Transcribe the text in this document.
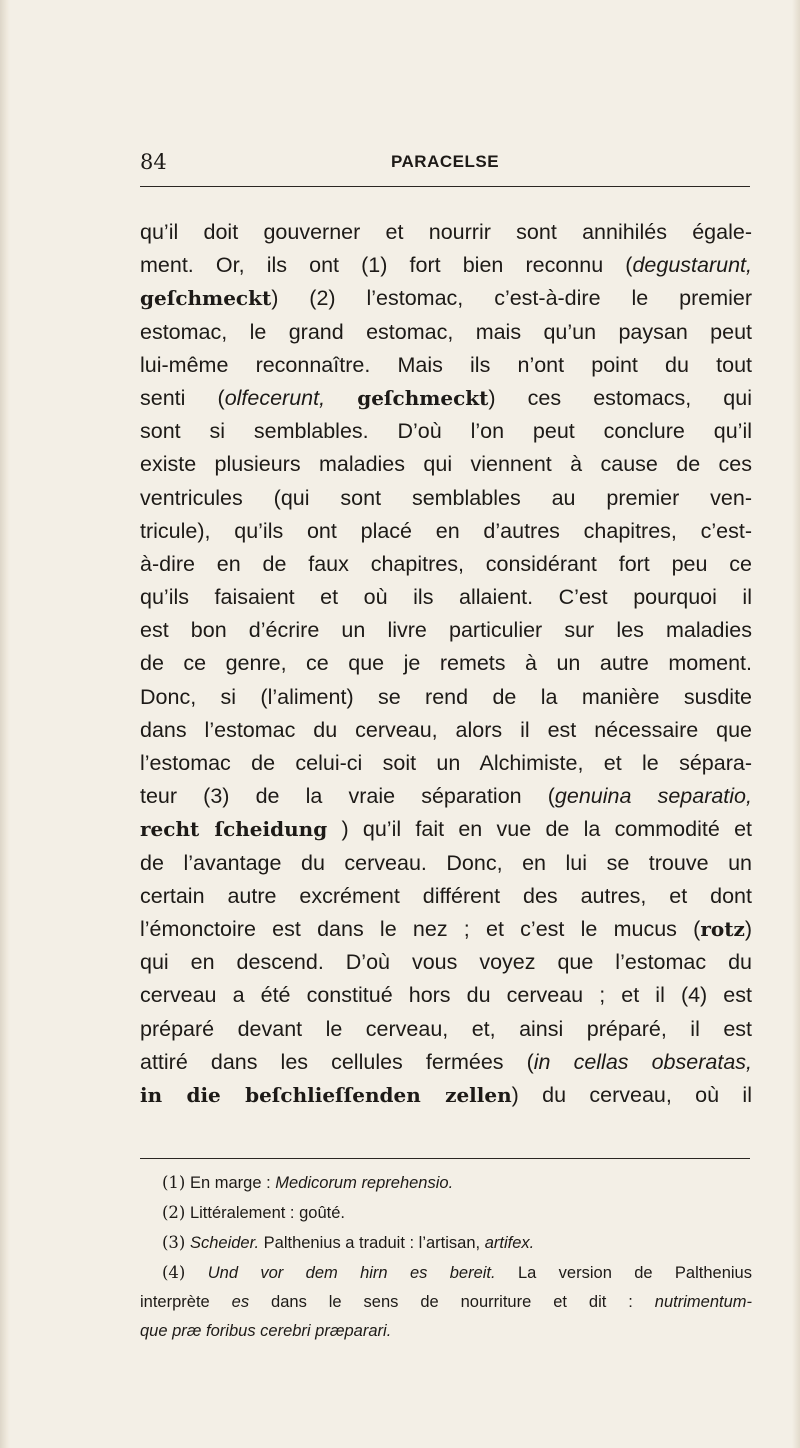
84	PARACELSE
qu’il doit gouverner et nourrir sont annihilés égale-
ment. Or, ils ont (1) fort bien reconnu (degustarunt,
geſchmeckt) (2) l’estomac, c’est-à-dire le premier
estomac, le grand estomac, mais qu’un paysan peut
lui-même reconnaître. Mais ils n’ont point du tout
senti (olfecerunt, geſchmeckt) ces estomacs, qui
sont si semblables. D’où l’on peut conclure qu’il
existe plusieurs maladies qui viennent à cause de ces
ventricules (qui sont semblables au premier ven-
tricule), qu’ils ont placé en d’autres chapitres, c’est-
à-dire en de faux chapitres, considérant fort peu ce
qu’ils faisaient et où ils allaient. C’est pourquoi il
est bon d’écrire un livre particulier sur les maladies
de ce genre, ce que je remets à un autre moment.
Donc, si (l’aliment) se rend de la manière susdite
dans l’estomac du cerveau, alors il est nécessaire que
l’estomac de celui-ci soit un Alchimiste, et le sépara-
teur (3) de la vraie séparation (genuina separatio,
recht ſcheidung ) qu’il fait en vue de la commodité et
de l’avantage du cerveau. Donc, en lui se trouve un
certain autre excrément différent des autres, et dont
l’émonctoire est dans le nez ; et c’est le mucus (rotz)
qui en descend. D’où vous voyez que l’estomac du
cerveau a été constitué hors du cerveau ; et il (4) est
préparé devant le cerveau, et, ainsi préparé, il est
attiré dans les cellules fermées (in cellas obseratas,
in die beſchlieſſenden zellen) du cerveau, où il
(1) En marge : Medicorum reprehensio.
(2) Littéralement : goûté.
(3) Scheider. Palthenius a traduit : l’artisan, artifex.
(4) Und vor dem hirn es bereit. La version de Palthenius
interprète es dans le sens de nourriture et dit : nutrimentum-
que præ foribus cerebri præparari.
